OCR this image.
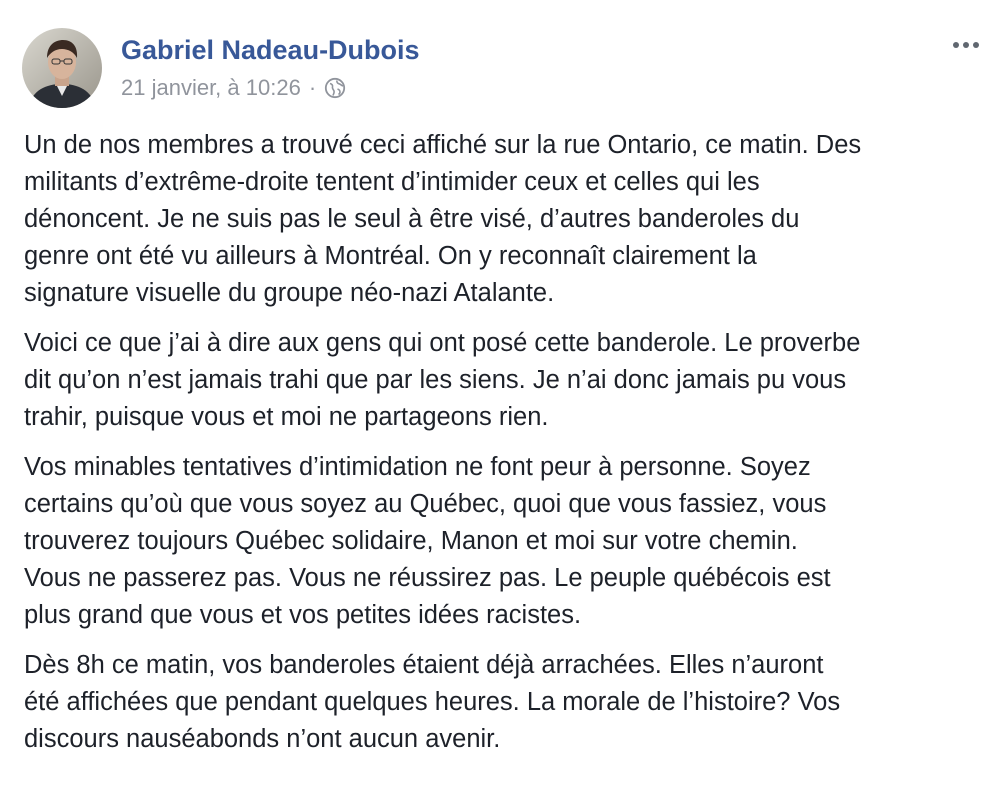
Gabriel Nadeau-Dubois
21 janvier, à 10:26 ·

Un de nos membres a trouvé ceci affiché sur la rue Ontario, ce matin. Des
militants d’extrême-droite tentent d’intimider ceux et celles qui les
dénoncent. Je ne suis pas le seul à être visé, d’autres banderoles du
genre ont été vu ailleurs à Montréal. On y reconnaît clairement la
signature visuelle du groupe néo-nazi Atalante.

Voici ce que j’ai à dire aux gens qui ont posé cette banderole. Le proverbe
dit qu’on n’est jamais trahi que par les siens. Je n’ai donc jamais pu vous
trahir, puisque vous et moi ne partageons rien.

Vos minables tentatives d’intimidation ne font peur à personne. Soyez
certains qu’où que vous soyez au Québec, quoi que vous fassiez, vous
trouverez toujours Québec solidaire, Manon et moi sur votre chemin.
Vous ne passerez pas. Vous ne réussirez pas. Le peuple québécois est
plus grand que vous et vos petites idées racistes.

Dès 8h ce matin, vos banderoles étaient déjà arrachées. Elles n’auront
été affichées que pendant quelques heures. La morale de l’histoire? Vos
discours nauséabonds n’ont aucun avenir.
